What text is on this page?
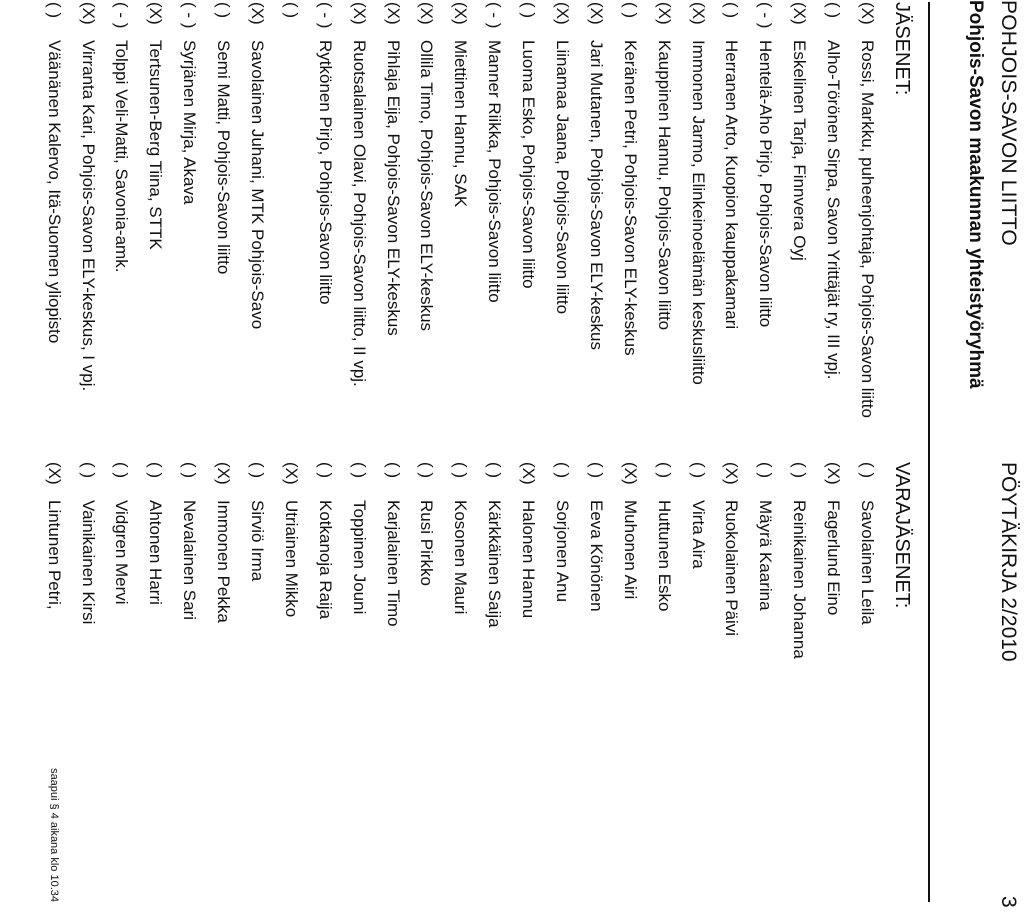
POHJOIS-SAVON LIITTO
PÖYTÄKIRJA 2/2010
3
Pohjois-Savon maakunnan yhteistyöryhmä
JÄSENET:
(X)
Rossi, Markku, puheenjohtaja, Pohjois-Savon liitto
( )
Alho-Törönen Sirpa, Savon Yrittäjät ry, III vpj.
(X)
Eskelinen Tarja, Finnvera Oyj
( - )
Hentelä-Aho Pirjo, Pohjois-Savon liitto
( )
Herranen Arto, Kuopion kauppakamari
(X)
Immonen Jarmo, Elinkeinoelämän keskusliitto
(X)
Kauppinen Hannu, Pohjois-Savon liitto
( )
Keränen Petri, Pohjois-Savon ELY-keskus
(X)
Jari Mutanen, Pohjois-Savon ELY-keskus
(X)
Liinamaa Jaana, Pohjois-Savon liitto
( )
Luoma Esko, Pohjois-Savon liitto
( - )
Manner Riikka, Pohjois-Savon liitto
(X)
Miettinen Hannu, SAK
(X)
Ollila Timo, Pohjois-Savon ELY-keskus
(X)
Pihlaja Eija, Pohjois-Savon ELY-keskus
(X)
Ruotsalainen Olavi, Pohjois-Savon liitto, II vpj.
( - )
Rytkönen Pirjo, Pohjois-Savon liitto
( )
(X)
Savolainen Juhani, MTK Pohjois-Savo
( )
Semi Matti, Pohjois-Savon liitto
( - )
Syrjänen Mirja, Akava
(X)
Tertsunen-Berg Tiina, STTK
( - )
Tolppi Veli-Matti, Savonia-amk.
(X)
Virranta Kari, Pohjois-Savon ELY-keskus, I vpj.
( )
Väänänen Kalervo, Itä-Suomen yliopisto
VARAJÄSENET:
( )
Savolainen Leila
(X)
Fagerlund Eino
( )
Reinikainen Johanna
( )
Mäyrä Kaarina
(X)
Ruokolainen Päivi
( )
Virta Aira
( )
Huttunen Esko
(X)
Muhonen Airi
( )
Eeva Könönen
( )
Sorjonen Anu
(X)
Halonen Hannu
( )
Kärkkäinen Saija
( )
Kosonen Mauri
( )
Rusi Pirkko
( )
Karjalainen Timo
( )
Toppinen Jouni
( )
Kotkanoja Raija
(X)
Utriainen Mikko
( )
Sirviö Irma
(X)
Immonen Pekka
( )
Nevalainen Sari
( )
Ahtonen Harri
( )
Vidgren Mervi
( )
Vainikainen Kirsi
(X)
Lintunen Petri,
saapui § 4 aikana klo 10.34
